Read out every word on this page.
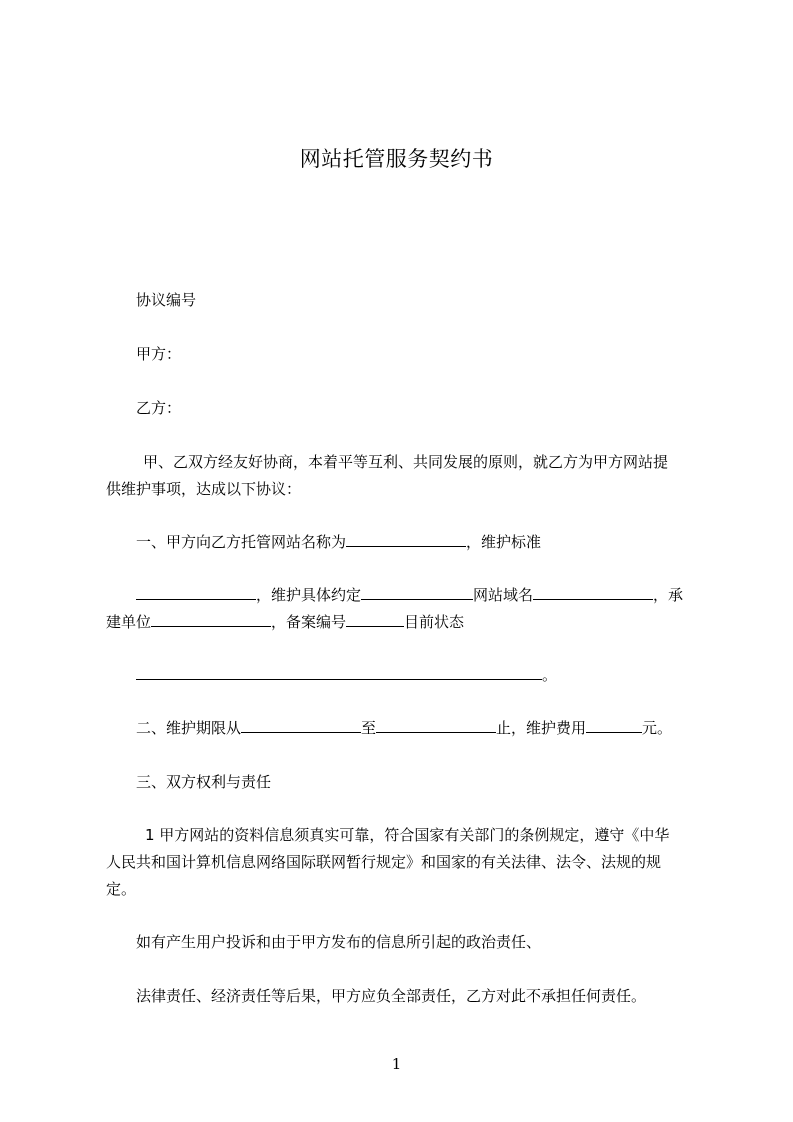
网站托管服务契约书
协议编号
甲方：
乙方：
甲、乙双方经友好协商，本着平等互利、共同发展的原则，就乙方为甲方网站提
供维护事项，达成以下协议：
一、甲方向乙方托管网站名称为	，维护标准
，维护具体约定	网站域名	，承
建单位	，备案编号	目前状态
。
二、维护期限从	至	止，维护费用	元。
三、双方权利与责任
1 甲方网站的资料信息须真实可靠，符合国家有关部门的条例规定，遵守《中华
人民共和国计算机信息网络国际联网暂行规定》和国家的有关法律、法令、法规的规
定。
如有产生用户投诉和由于甲方发布的信息所引起的政治责任、
法律责任、经济责任等后果，甲方应负全部责任，乙方对此不承担任何责任。
1
